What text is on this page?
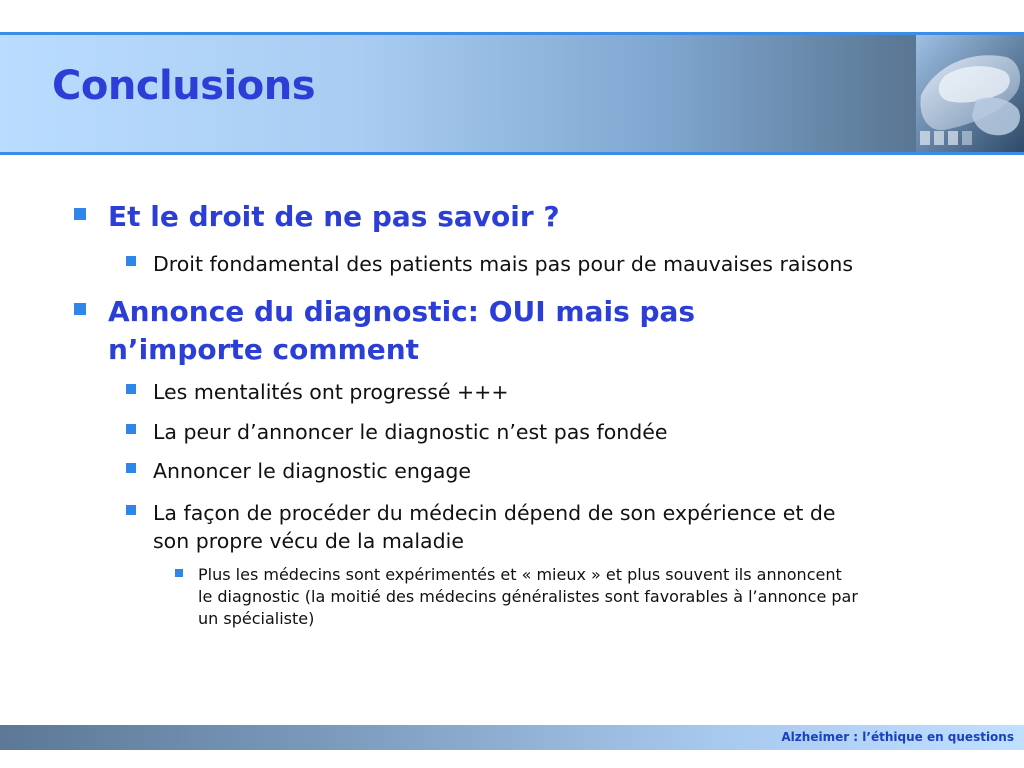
Conclusions
Et le droit de ne pas savoir ?
Droit fondamental des patients mais pas pour de mauvaises raisons
Annonce du diagnostic: OUI mais pas
n’importe comment
Les mentalités ont progressé +++
La peur d’annoncer le diagnostic n’est pas fondée
Annoncer le diagnostic engage
La façon de procéder du médecin dépend de son expérience et de
son propre vécu de la maladie
Plus les médecins sont expérimentés et « mieux » et plus souvent ils annoncent
le diagnostic (la moitié des médecins généralistes sont favorables à l’annonce par
un spécialiste)

Alzheimer : l’éthique en questions
